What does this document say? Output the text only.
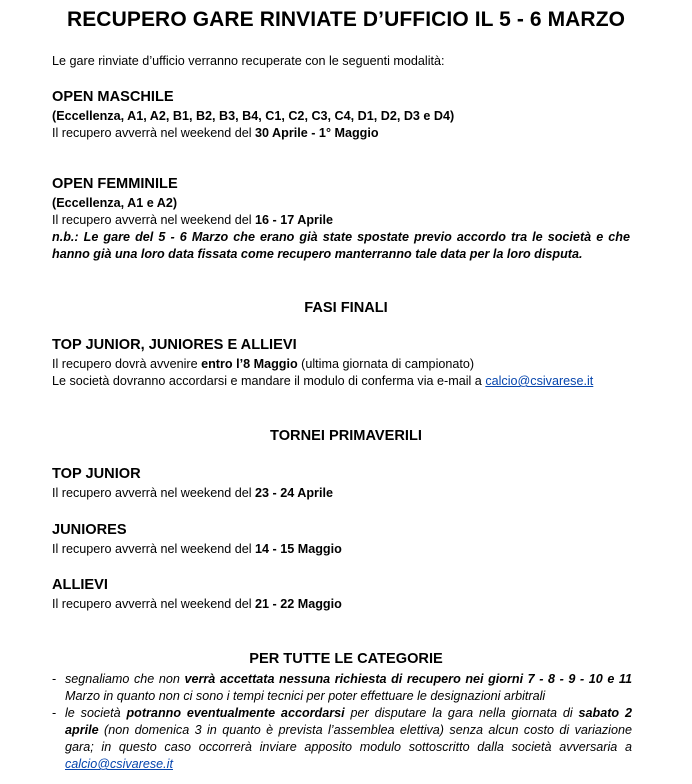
RECUPERO GARE RINVIATE D’UFFICIO IL 5 - 6 MARZO
Le gare rinviate d’ufficio verranno recuperate con le seguenti modalità:
OPEN MASCHILE
(Eccellenza, A1, A2, B1, B2, B3, B4, C1, C2, C3, C4, D1, D2, D3 e D4)
Il recupero avverrà nel weekend del 30 Aprile - 1° Maggio
OPEN FEMMINILE
(Eccellenza, A1 e A2)
Il recupero avverrà nel weekend del 16 - 17 Aprile
n.b.: Le gare del 5 - 6 Marzo che erano già state spostate previo accordo tra le società e che hanno già una loro data fissata come recupero manterranno tale data per la loro disputa.
FASI FINALI
TOP JUNIOR, JUNIORES E ALLIEVI
Il recupero dovrà avvenire entro l’8 Maggio (ultima giornata di campionato)
Le società dovranno accordarsi e mandare il modulo di conferma via e-mail a calcio@csivarese.it
TORNEI PRIMAVERILI
TOP JUNIOR
Il recupero avverrà nel weekend del 23 - 24 Aprile
JUNIORES
Il recupero avverrà nel weekend del 14 - 15 Maggio
ALLIEVI
Il recupero avverrà nel weekend del 21 - 22 Maggio
PER TUTTE LE CATEGORIE
- segnaliamo che non verrà accettata nessuna richiesta di recupero nei giorni 7 - 8 - 9 - 10 e 11 Marzo in quanto non ci sono i tempi tecnici per poter effettuare le designazioni arbitrali
- le società potranno eventualmente accordarsi per disputare la gara nella giornata di sabato 2 aprile (non domenica 3 in quanto è prevista l’assemblea elettiva) senza alcun costo di variazione gara; in questo caso occorrerà inviare apposito modulo sottoscritto dalla società avversaria a calcio@csivarese.it
